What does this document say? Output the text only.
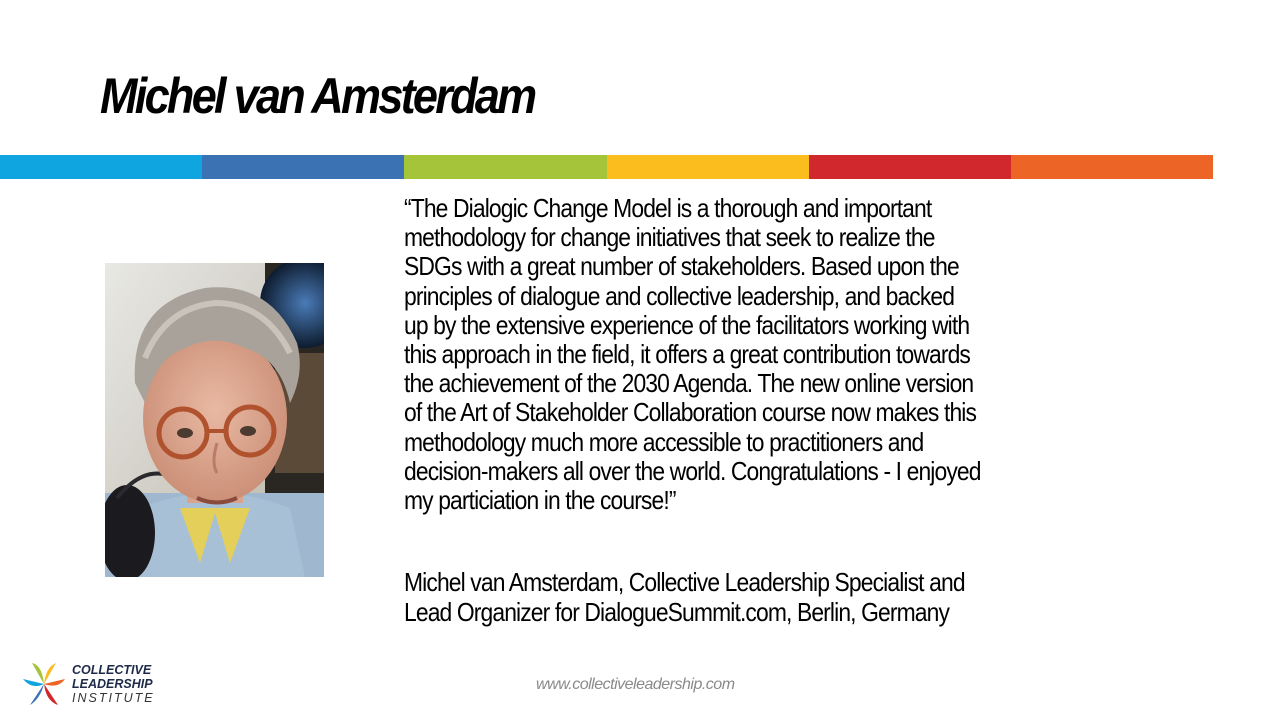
Michel van Amsterdam
“The Dialogic Change Model is a thorough and important
methodology for change initiatives that seek to realize the
SDGs with a great number of stakeholders. Based upon the
principles of dialogue and collective leadership, and backed
up by the extensive experience of the facilitators working with
this approach in the field, it offers a great contribution towards
the achievement of the 2030 Agenda. The new online version
of the Art of Stakeholder Collaboration course now makes this
methodology much more accessible to practitioners and
decision-makers all over the world. Congratulations - I enjoyed
my particiation in the course!”
Michel van Amsterdam, Collective Leadership Specialist and
Lead Organizer for DialogueSummit.com, Berlin, Germany
COLLECTIVE
LEADERSHIP
INSTITUTE
www.collectiveleadership.com
